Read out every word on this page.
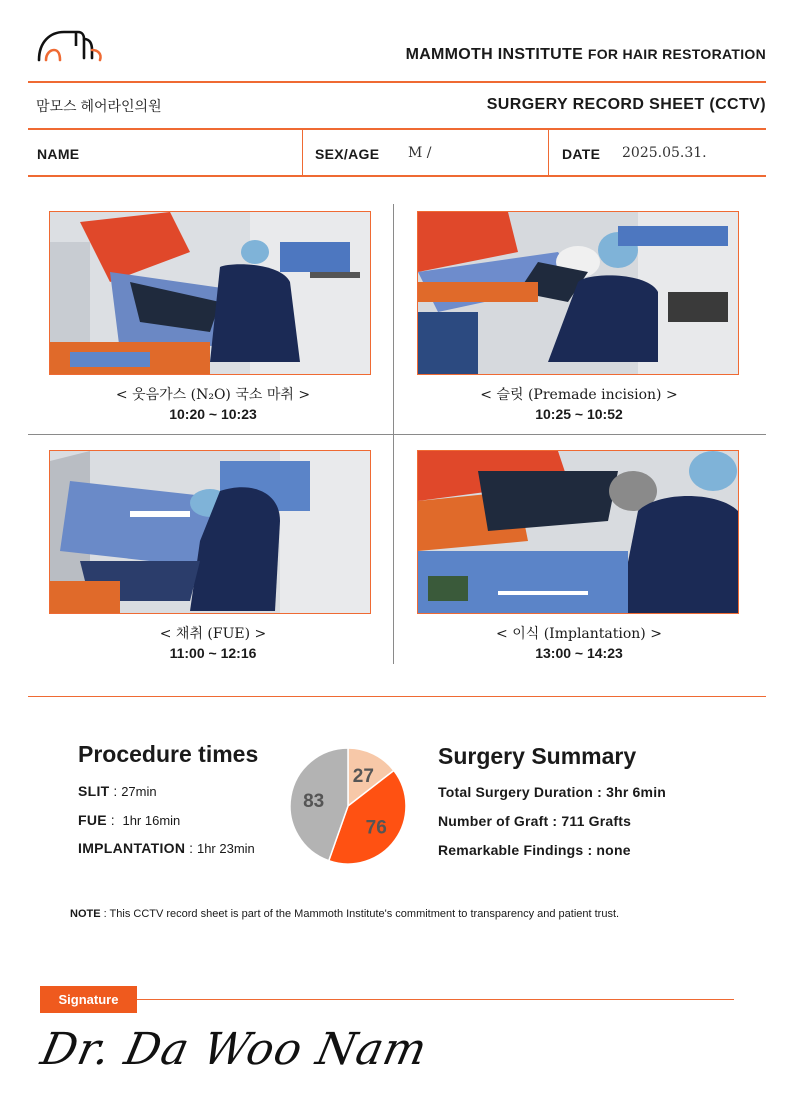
MAMMOTH INSTITUTE FOR HAIR RESTORATION
맘모스 헤어라인의원	SURGERY RECORD SHEET (CCTV)
NAME	SEX/AGE M /	DATE 2025.05.31.
< 웃음가스 (N₂O) 국소 마취 >
10:20 ~ 10:23
< 슬릿 (Premade incision) >
10:25 ~ 10:52
< 채취 (FUE) >
11:00 ~ 12:16
< 이식 (Implantation) >
13:00 ~ 14:23
Procedure times
SLIT : 27min
FUE :  1hr 16min
IMPLANTATION : 1hr 23min
27
76
83
Surgery Summary
Total Surgery Duration : 3hr 6min
Number of Graft : 711 Grafts
Remarkable Findings : none
NOTE : This CCTV record sheet is part of the Mammoth Institute's commitment to transparency and patient trust.
Signature
Dr. Da Woo Nam
